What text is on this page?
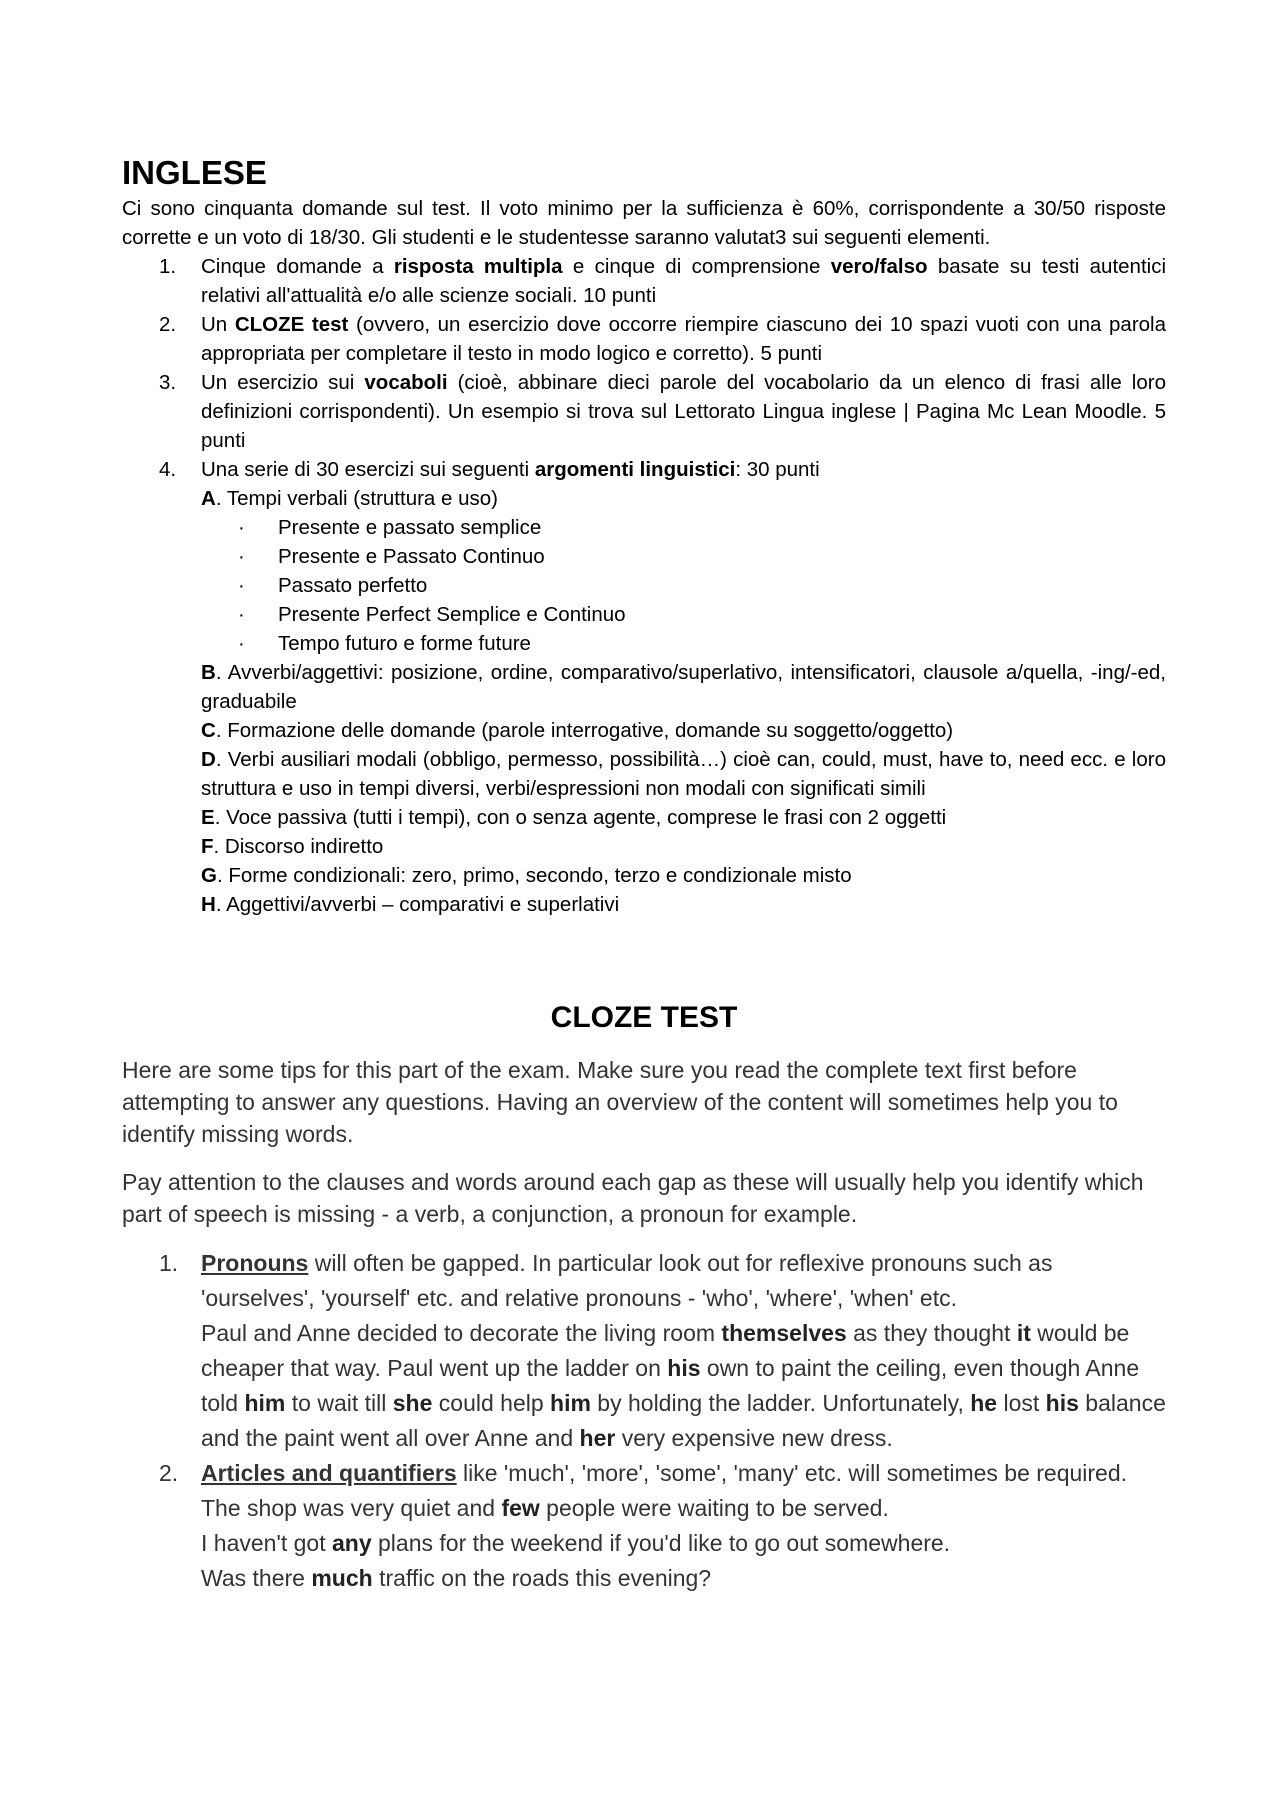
INGLESE

Ci sono cinquanta domande sul test. Il voto minimo per la sufficienza è 60%, corrispondente a 30/50 risposte corrette e un voto di 18/30. Gli studenti e le studentesse saranno valutat3 sui seguenti elementi.

1. Cinque domande a risposta multipla e cinque di comprensione vero/falso basate su testi autentici relativi all'attualità e/o alle scienze sociali. 10 punti
2. Un CLOZE test (ovvero, un esercizio dove occorre riempire ciascuno dei 10 spazi vuoti con una parola appropriata per completare il testo in modo logico e corretto). 5 punti
3. Un esercizio sui vocaboli (cioè, abbinare dieci parole del vocabolario da un elenco di frasi alle loro definizioni corrispondenti). Un esempio si trova sul Lettorato Lingua inglese | Pagina Mc Lean Moodle. 5 punti
4. Una serie di 30 esercizi sui seguenti argomenti linguistici: 30 punti
A. Tempi verbali (struttura e uso)
· Presente e passato semplice
· Presente e Passato Continuo
· Passato perfetto
· Presente Perfect Semplice e Continuo
· Tempo futuro e forme future
B. Avverbi/aggettivi: posizione, ordine, comparativo/superlativo, intensificatori, clausole a/quella, -ing/-ed, graduabile
C. Formazione delle domande (parole interrogative, domande su soggetto/oggetto)
D. Verbi ausiliari modali (obbligo, permesso, possibilità…) cioè can, could, must, have to, need ecc. e loro struttura e uso in tempi diversi, verbi/espressioni non modali con significati simili
E. Voce passiva (tutti i tempi), con o senza agente, comprese le frasi con 2 oggetti
F. Discorso indiretto
G. Forme condizionali: zero, primo, secondo, terzo e condizionale misto
H. Aggettivi/avverbi – comparativi e superlativi
CLOZE TEST

Here are some tips for this part of the exam. Make sure you read the complete text first before attempting to answer any questions. Having an overview of the content will sometimes help you to identify missing words.

Pay attention to the clauses and words around each gap as these will usually help you identify which part of speech is missing - a verb, a conjunction, a pronoun for example.

1. Pronouns will often be gapped. In particular look out for reflexive pronouns such as 'ourselves', 'yourself' etc. and relative pronouns - 'who', 'where', 'when' etc.
Paul and Anne decided to decorate the living room themselves as they thought it would be cheaper that way. Paul went up the ladder on his own to paint the ceiling, even though Anne told him to wait till she could help him by holding the ladder. Unfortunately, he lost his balance and the paint went all over Anne and her very expensive new dress.
2. Articles and quantifiers like 'much', 'more', 'some', 'many' etc. will sometimes be required.
The shop was very quiet and few people were waiting to be served.
I haven't got any plans for the weekend if you'd like to go out somewhere.
Was there much traffic on the roads this evening?
